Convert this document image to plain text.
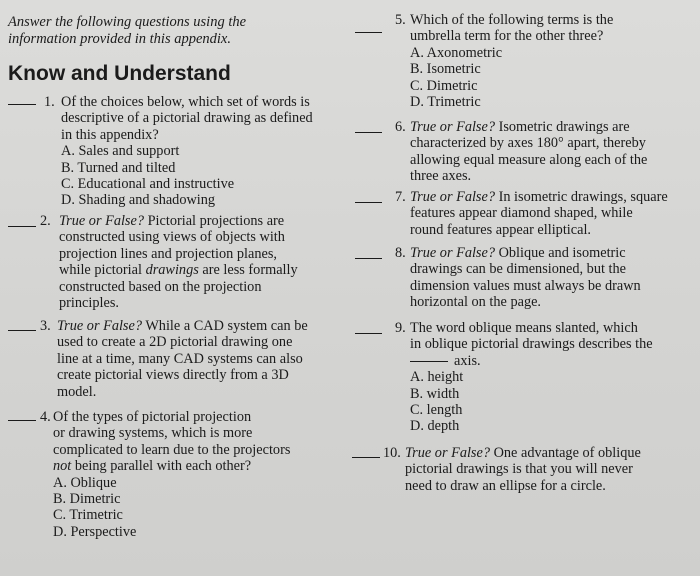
Answer the following questions using the
information provided in this appendix.
Know and Understand
1. Of the choices below, which set of words is
descriptive of a pictorial drawing as defined
in this appendix?
A. Sales and support
B. Turned and tilted
C. Educational and instructive
D. Shading and shadowing
2. True or False? Pictorial projections are
constructed using views of objects with
projection lines and projection planes,
while pictorial drawings are less formally
constructed based on the projection
principles.
3. True or False? While a CAD system can be
used to create a 2D pictorial drawing one
line at a time, many CAD systems can also
create pictorial views directly from a 3D
model.
4. Of the types of pictorial projection
or drawing systems, which is more
complicated to learn due to the projectors
not being parallel with each other?
A. Oblique
B. Dimetric
C. Trimetric
D. Perspective
5. Which of the following terms is the
umbrella term for the other three?
A. Axonometric
B. Isometric
C. Dimetric
D. Trimetric
6. True or False? Isometric drawings are
characterized by axes 180° apart, thereby
allowing equal measure along each of the
three axes.
7. True or False? In isometric drawings, square
features appear diamond shaped, while
round features appear elliptical.
8. True or False? Oblique and isometric
drawings can be dimensioned, but the
dimension values must always be drawn
horizontal on the page.
9. The word oblique means slanted, which
in oblique pictorial drawings describes the
axis.
A. height
B. width
C. length
D. depth
10. True or False? One advantage of oblique
pictorial drawings is that you will never
need to draw an ellipse for a circle.
